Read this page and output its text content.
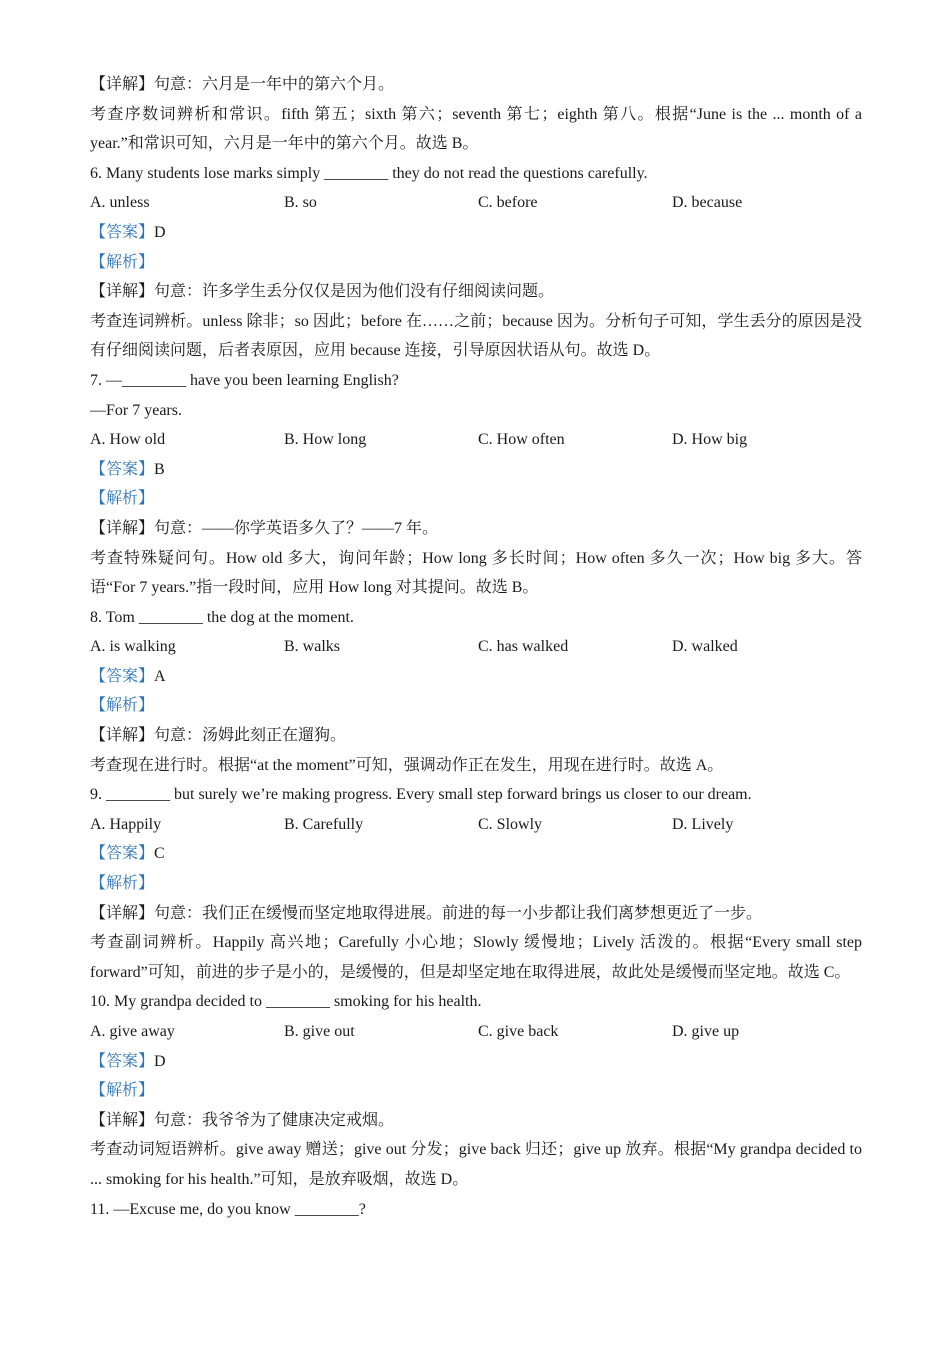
【详解】句意：六月是一年中的第六个月。
考查序数词辨析和常识。fifth 第五；sixth 第六；seventh 第七；eighth 第八。根据“June is the ... month of a year.”和常识可知，六月是一年中的第六个月。故选 B。
6. Many students lose marks simply ________ they do not read the questions carefully.
A. unless	B. so	C. before	D. because
【答案】D
【解析】
【详解】句意：许多学生丢分仅仅是因为他们没有仔细阅读问题。
考查连词辨析。unless 除非；so 因此；before 在……之前；because 因为。分析句子可知，学生丢分的原因是没有仔细阅读问题，后者表原因，应用 because 连接，引导原因状语从句。故选 D。
7. —________ have you been learning English?
—For 7 years.
A. How old	B. How long	C. How often	D. How big
【答案】B
【解析】
【详解】句意：——你学英语多久了？——7 年。
考查特殊疑问句。How old 多大，询问年龄；How long 多长时间；How often 多久一次；How big 多大。答语“For 7 years.”指一段时间，应用 How long 对其提问。故选 B。
8. Tom ________ the dog at the moment.
A. is walking	B. walks	C. has walked	D. walked
【答案】A
【解析】
【详解】句意：汤姆此刻正在遛狗。
考查现在进行时。根据“at the moment”可知，强调动作正在发生，用现在进行时。故选 A。
9. ________ but surely we’re making progress. Every small step forward brings us closer to our dream.
A. Happily	B. Carefully	C. Slowly	D. Lively
【答案】C
【解析】
【详解】句意：我们正在缓慢而坚定地取得进展。前进的每一小步都让我们离梦想更近了一步。
考查副词辨析。Happily 高兴地；Carefully 小心地；Slowly 缓慢地；Lively 活泼的。根据“Every small step forward”可知，前进的步子是小的，是缓慢的，但是却坚定地在取得进展，故此处是缓慢而坚定地。故选 C。
10. My grandpa decided to ________ smoking for his health.
A. give away	B. give out	C. give back	D. give up
【答案】D
【解析】
【详解】句意：我爷爷为了健康决定戒烟。
考查动词短语辨析。give away 赠送；give out 分发；give back 归还；give up 放弃。根据“My grandpa decided to ... smoking for his health.”可知，是放弃吸烟，故选 D。
11. —Excuse me, do you know ________?
